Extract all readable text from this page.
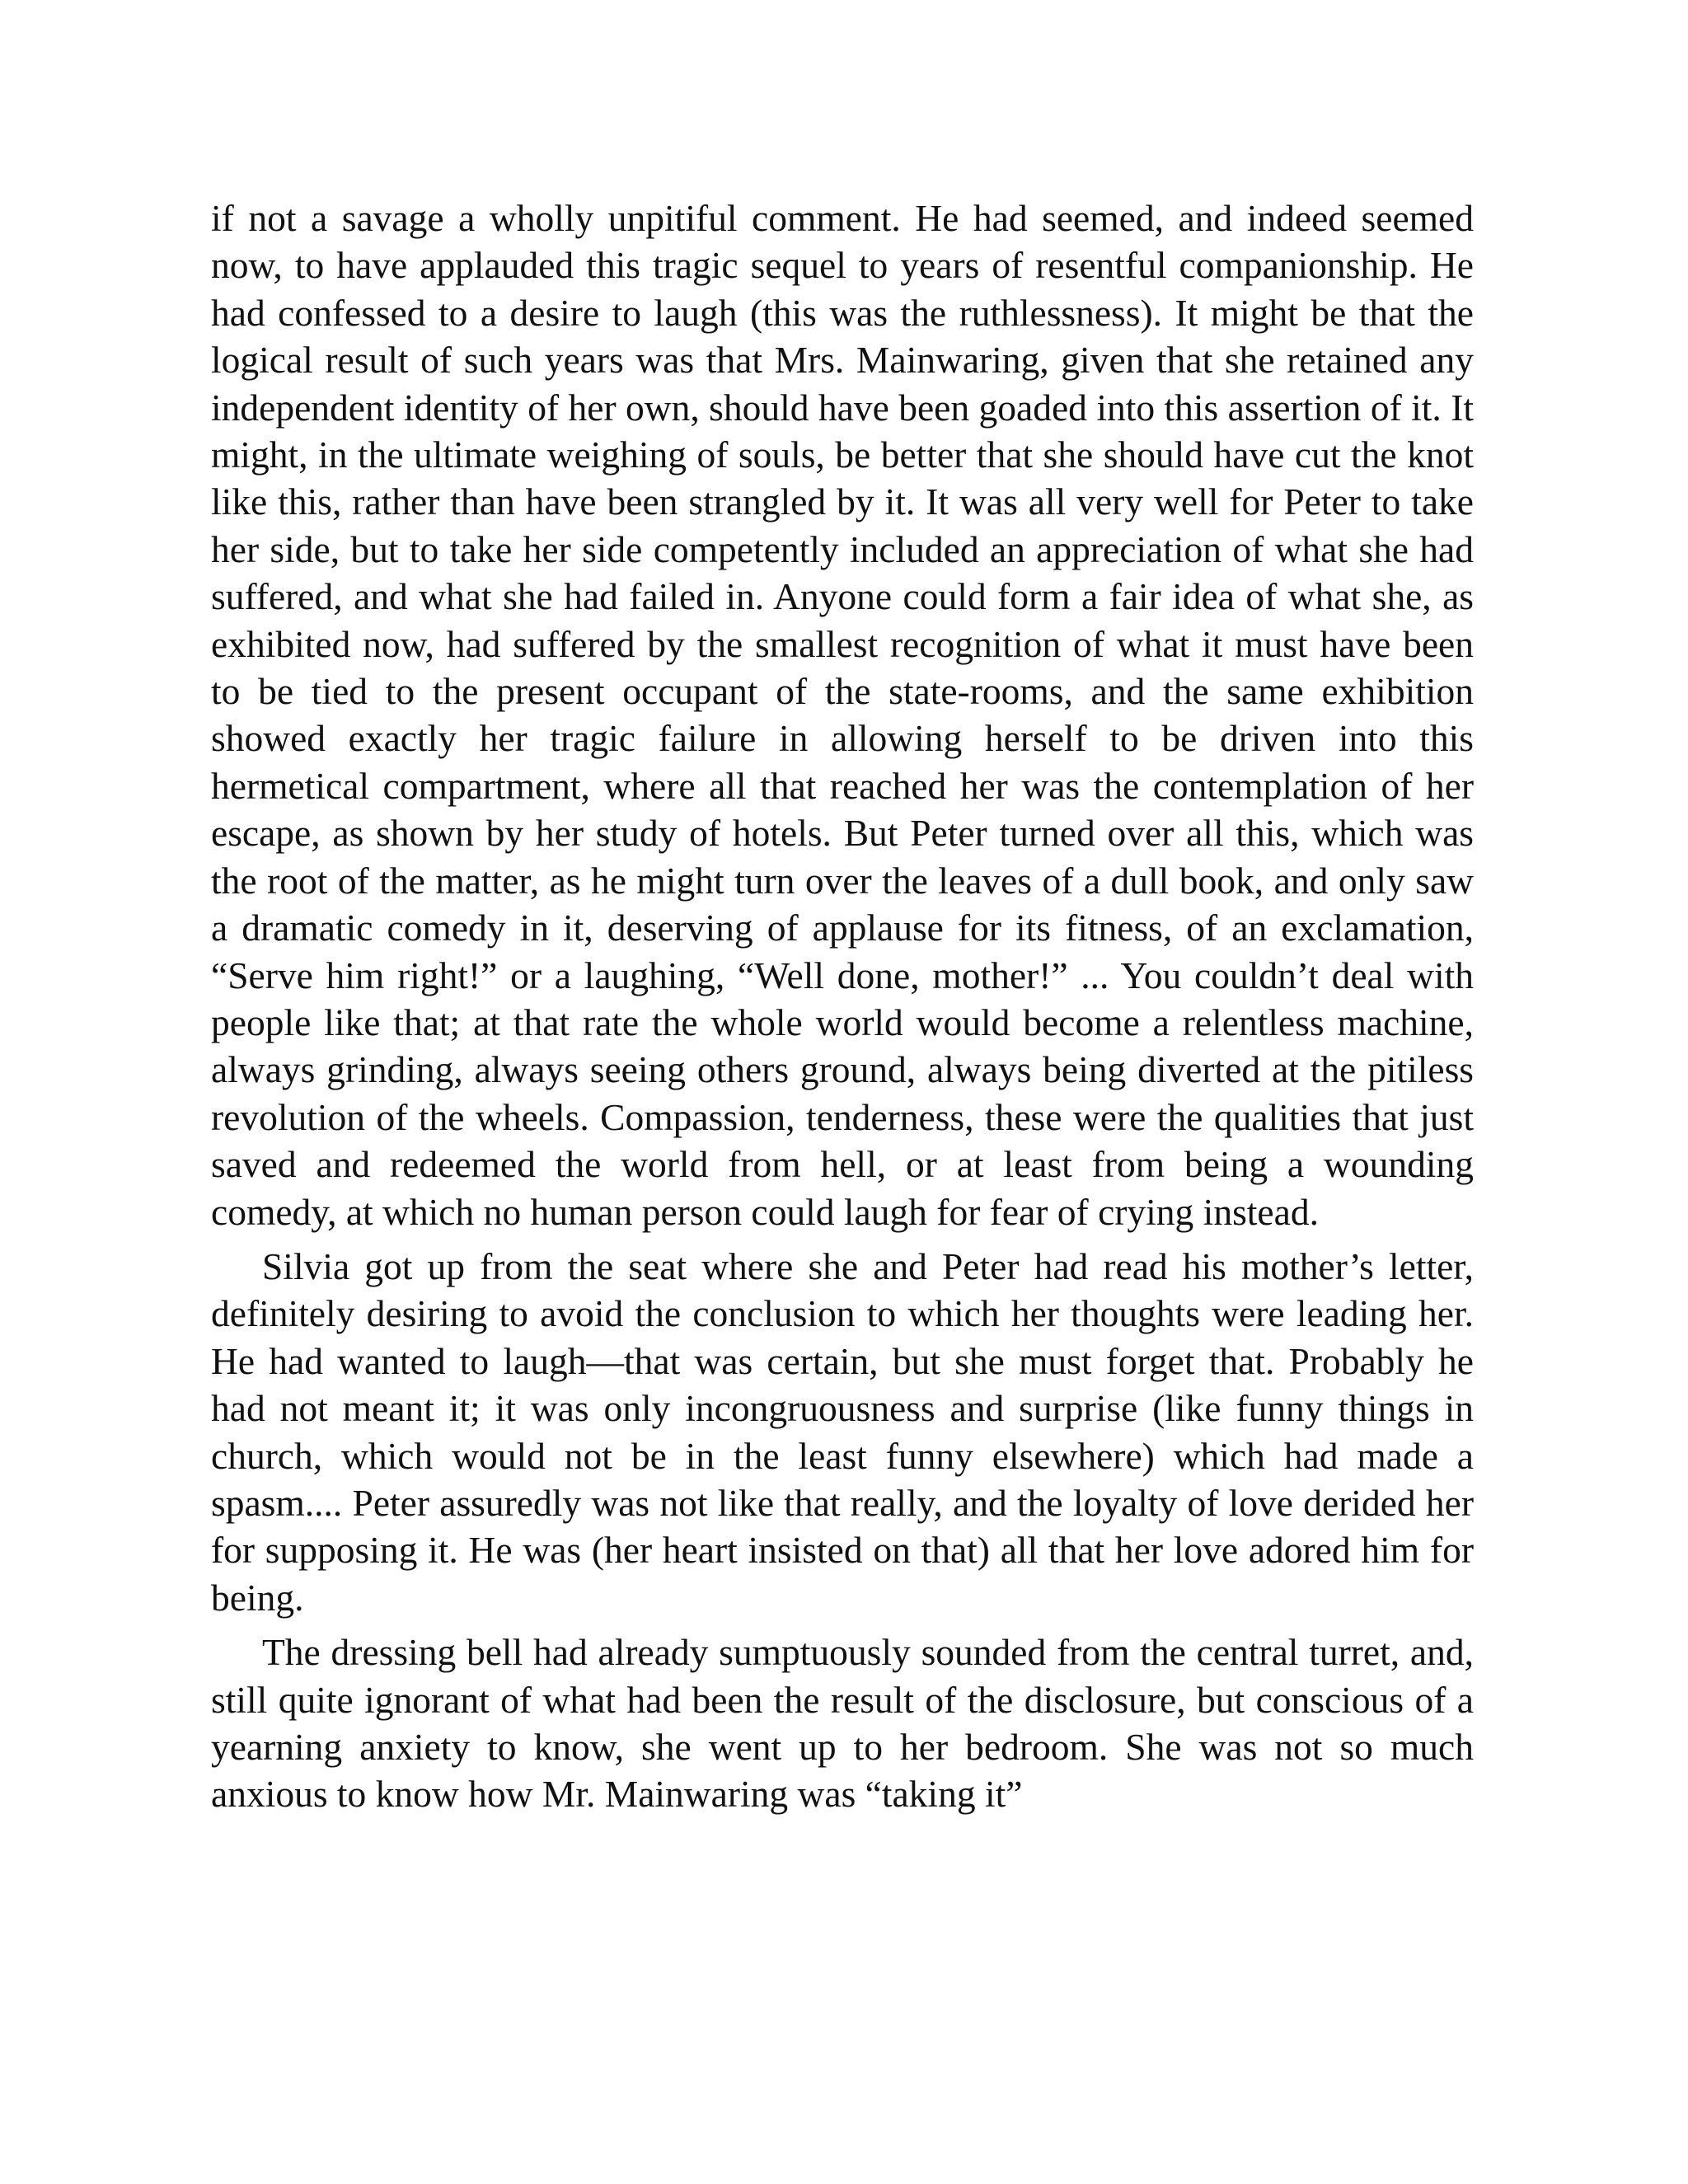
if not a savage a wholly unpitiful comment. He had seemed, and indeed seemed now, to have applauded this tragic sequel to years of resentful companionship. He had confessed to a desire to laugh (this was the ruthlessness). It might be that the logical result of such years was that Mrs. Mainwaring, given that she retained any independent identity of her own, should have been goaded into this assertion of it. It might, in the ultimate weighing of souls, be better that she should have cut the knot like this, rather than have been strangled by it. It was all very well for Peter to take her side, but to take her side competently included an appreciation of what she had suffered, and what she had failed in. Anyone could form a fair idea of what she, as exhibited now, had suffered by the smallest recognition of what it must have been to be tied to the present occupant of the state-rooms, and the same exhibition showed exactly her tragic failure in allowing herself to be driven into this hermetical compartment, where all that reached her was the contemplation of her escape, as shown by her study of hotels. But Peter turned over all this, which was the root of the matter, as he might turn over the leaves of a dull book, and only saw a dramatic comedy in it, deserving of applause for its fitness, of an exclamation, “Serve him right!” or a laughing, “Well done, mother!” ... You couldn’t deal with people like that; at that rate the whole world would become a relentless machine, always grinding, always seeing others ground, always being diverted at the pitiless revolution of the wheels. Compassion, tenderness, these were the qualities that just saved and redeemed the world from hell, or at least from being a wounding comedy, at which no human person could laugh for fear of crying instead.

Silvia got up from the seat where she and Peter had read his mother’s letter, definitely desiring to avoid the conclusion to which her thoughts were leading her. He had wanted to laugh—that was certain, but she must forget that. Probably he had not meant it; it was only incongruousness and surprise (like funny things in church, which would not be in the least funny elsewhere) which had made a spasm.... Peter assuredly was not like that really, and the loyalty of love derided her for supposing it. He was (her heart insisted on that) all that her love adored him for being.

The dressing bell had already sumptuously sounded from the central turret, and, still quite ignorant of what had been the result of the disclosure, but conscious of a yearning anxiety to know, she went up to her bedroom. She was not so much anxious to know how Mr. Mainwaring was “taking it”
